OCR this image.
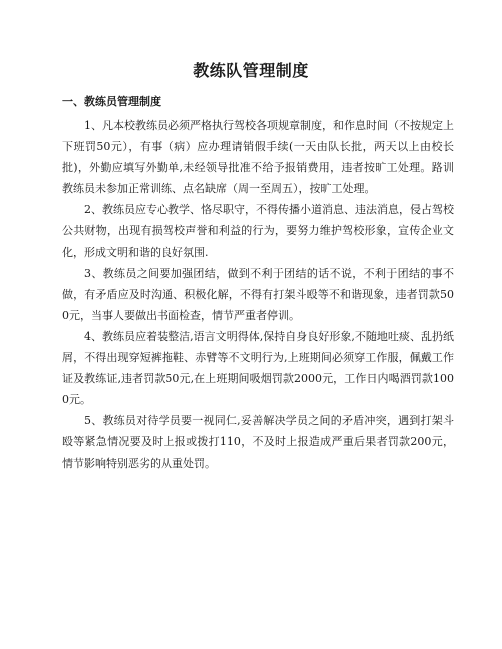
教练队管理制度
一、教练员管理制度

1、凡本校教练员必须严格执行驾校各项规章制度，和作息时间（不按规定上下班罚50元），有事（病）应办理请销假手续(一天由队长批，两天以上由校长批)，外勤应填写外勤单,未经领导批准不给予报销费用，违者按旷工处理。路训教练员未参加正常训练、点名缺席（周一至周五），按旷工处理。

2、教练员应专心教学、恪尽职守，不得传播小道消息、违法消息，侵占驾校公共财物，出现有损驾校声誉和利益的行为，要努力维护驾校形象，宣传企业文化，形成文明和谐的良好氛围.

3、教练员之间要加强团结，做到不利于团结的话不说，不利于团结的事不做，有矛盾应及时沟通、积极化解，不得有打架斗殴等不和谐现象，违者罚款500元，当事人要做出书面检查，情节严重者停训。

4、教练员应着装整洁,语言文明得体,保持自身良好形象,不随地吐痰、乱扔纸屑，不得出现穿短裤拖鞋、赤臂等不文明行为,上班期间必须穿工作服，佩戴工作证及教练证,违者罚款50元,在上班期间吸烟罚款2000元，工作日内喝酒罚款1000元。

5、教练员对待学员要一视同仁,妥善解决学员之间的矛盾冲突，遇到打架斗殴等紧急情况要及时上报或拨打110，不及时上报造成严重后果者罚款200元，情节影响特别恶劣的从重处罚。
